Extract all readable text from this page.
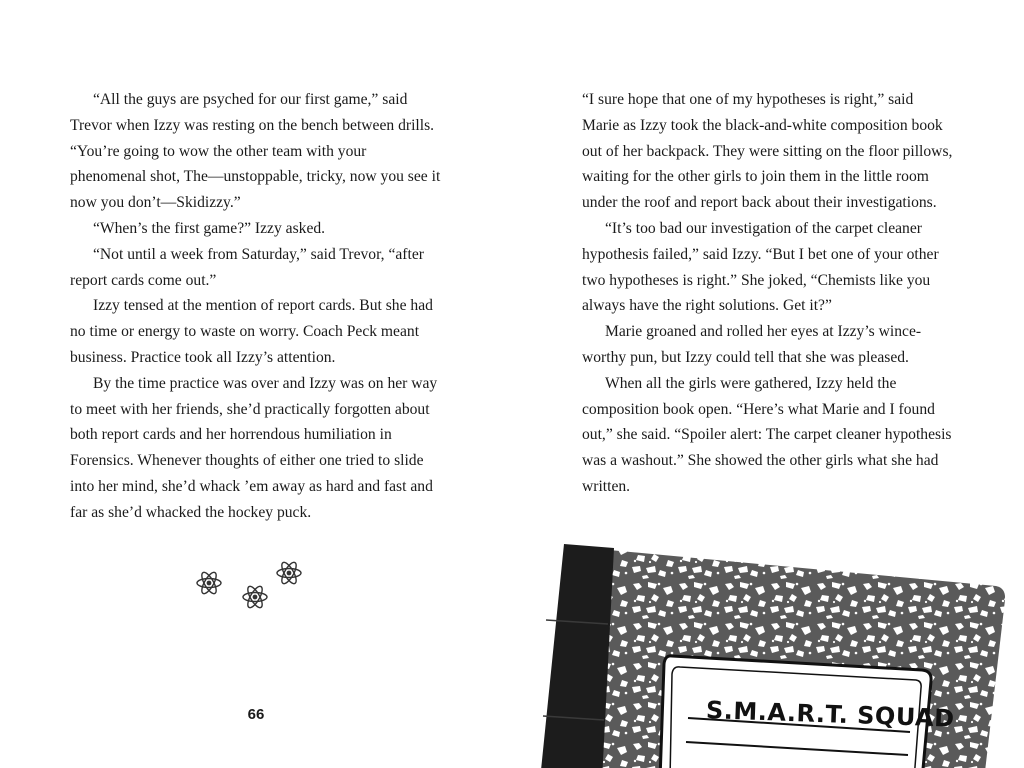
“All the guys are psyched for our first game,” said Trevor when Izzy was resting on the bench between drills. “You’re going to wow the other team with your phenomenal shot, The—unstoppable, tricky, now you see it now you don’t—Skidizzy.”

“When’s the first game?” Izzy asked.

“Not until a week from Saturday,” said Trevor, “after report cards come out.”

Izzy tensed at the mention of report cards. But she had no time or energy to waste on worry. Coach Peck meant business. Practice took all Izzy’s attention.

By the time practice was over and Izzy was on her way to meet with her friends, she’d practically forgotten about both report cards and her horrendous humiliation in Forensics. Whenever thoughts of either one tried to slide into her mind, she’d whack ’em away as hard and fast and far as she’d whacked the hockey puck.

66

“I sure hope that one of my hypotheses is right,” said Marie as Izzy took the black-and-white composition book out of her backpack. They were sitting on the floor pillows, waiting for the other girls to join them in the little room under the roof and report back about their investigations.

“It’s too bad our investigation of the carpet cleaner hypothesis failed,” said Izzy. “But I bet one of your other two hypotheses is right.” She joked, “Chemists like you always have the right solutions. Get it?”

Marie groaned and rolled her eyes at Izzy’s wince-worthy pun, but Izzy could tell that she was pleased.

When all the girls were gathered, Izzy held the composition book open. “Here’s what Marie and I found out,” she said. “Spoiler alert: The carpet cleaner hypothesis was a washout.” She showed the other girls what she had written.

S.M.A.R.T. SQUAD
